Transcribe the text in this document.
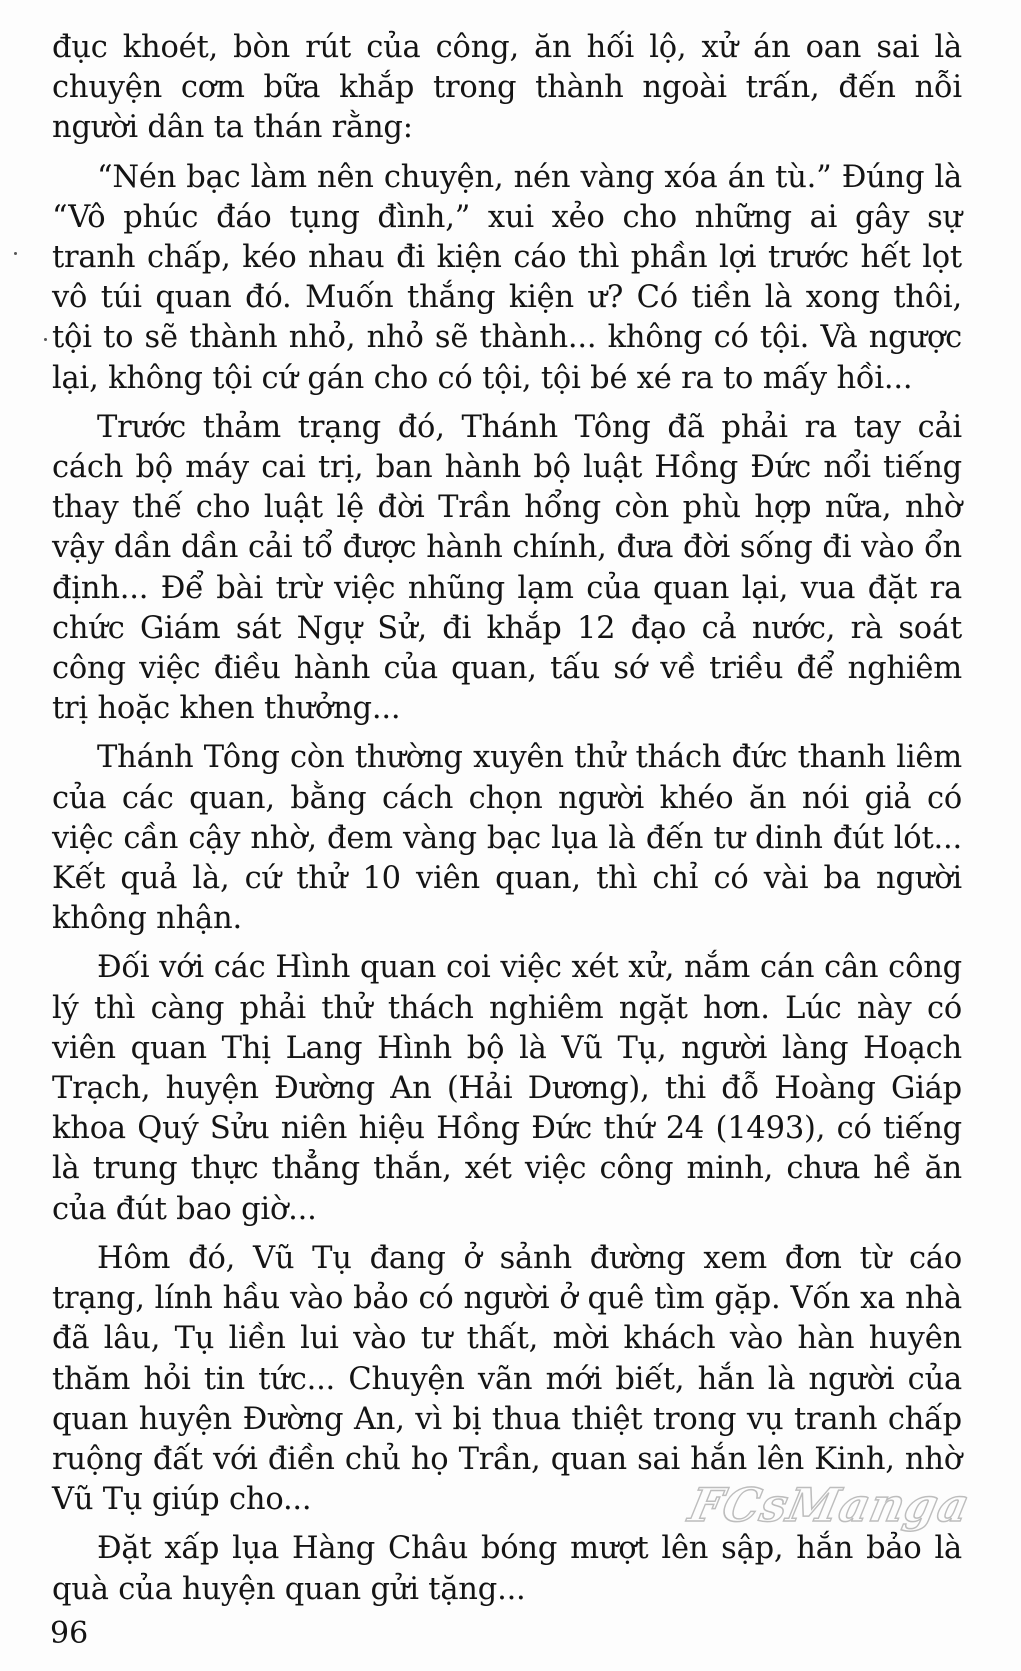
đục khoét, bòn rút của công, ăn hối lộ, xử án oan sai là chuyện cơm bữa khắp trong thành ngoài trấn, đến nỗi người dân ta thán rằng:

“Nén bạc làm nên chuyện, nén vàng xóa án tù.” Đúng là “Vô phúc đáo tụng đình,” xui xẻo cho những ai gây sự tranh chấp, kéo nhau đi kiện cáo thì phần lợi trước hết lọt vô túi quan đó. Muốn thắng kiện ư? Có tiền là xong thôi, tội to sẽ thành nhỏ, nhỏ sẽ thành... không có tội. Và ngược lại, không tội cứ gán cho có tội, tội bé xé ra to mấy hồi...

Trước thảm trạng đó, Thánh Tông đã phải ra tay cải cách bộ máy cai trị, ban hành bộ luật Hồng Đức nổi tiếng thay thế cho luật lệ đời Trần hổng còn phù hợp nữa, nhờ vậy dần dần cải tổ được hành chính, đưa đời sống đi vào ổn định... Để bài trừ việc nhũng lạm của quan lại, vua đặt ra chức Giám sát Ngự Sử, đi khắp 12 đạo cả nước, rà soát công việc điều hành của quan, tấu sớ về triều để nghiêm trị hoặc khen thưởng...

Thánh Tông còn thường xuyên thử thách đức thanh liêm của các quan, bằng cách chọn người khéo ăn nói giả có việc cần cậy nhờ, đem vàng bạc lụa là đến tư dinh đút lót... Kết quả là, cứ thử 10 viên quan, thì chỉ có vài ba người không nhận.

Đối với các Hình quan coi việc xét xử, nắm cán cân công lý thì càng phải thử thách nghiêm ngặt hơn. Lúc này có viên quan Thị Lang Hình bộ là Vũ Tụ, người làng Hoạch Trạch, huyện Đường An (Hải Dương), thi đỗ Hoàng Giáp khoa Quý Sửu niên hiệu Hồng Đức thứ 24 (1493), có tiếng là trung thực thẳng thắn, xét việc công minh, chưa hề ăn của đút bao giờ...

Hôm đó, Vũ Tụ đang ở sảnh đường xem đơn từ cáo trạng, lính hầu vào bảo có người ở quê tìm gặp. Vốn xa nhà đã lâu, Tụ liền lui vào tư thất, mời khách vào hàn huyên thăm hỏi tin tức... Chuyện vãn mới biết, hắn là người của quan huyện Đường An, vì bị thua thiệt trong vụ tranh chấp ruộng đất với điền chủ họ Trần, quan sai hắn lên Kinh, nhờ Vũ Tụ giúp cho...

Đặt xấp lụa Hàng Châu bóng mượt lên sập, hắn bảo là quà của huyện quan gửi tặng...

FCsManga
96
